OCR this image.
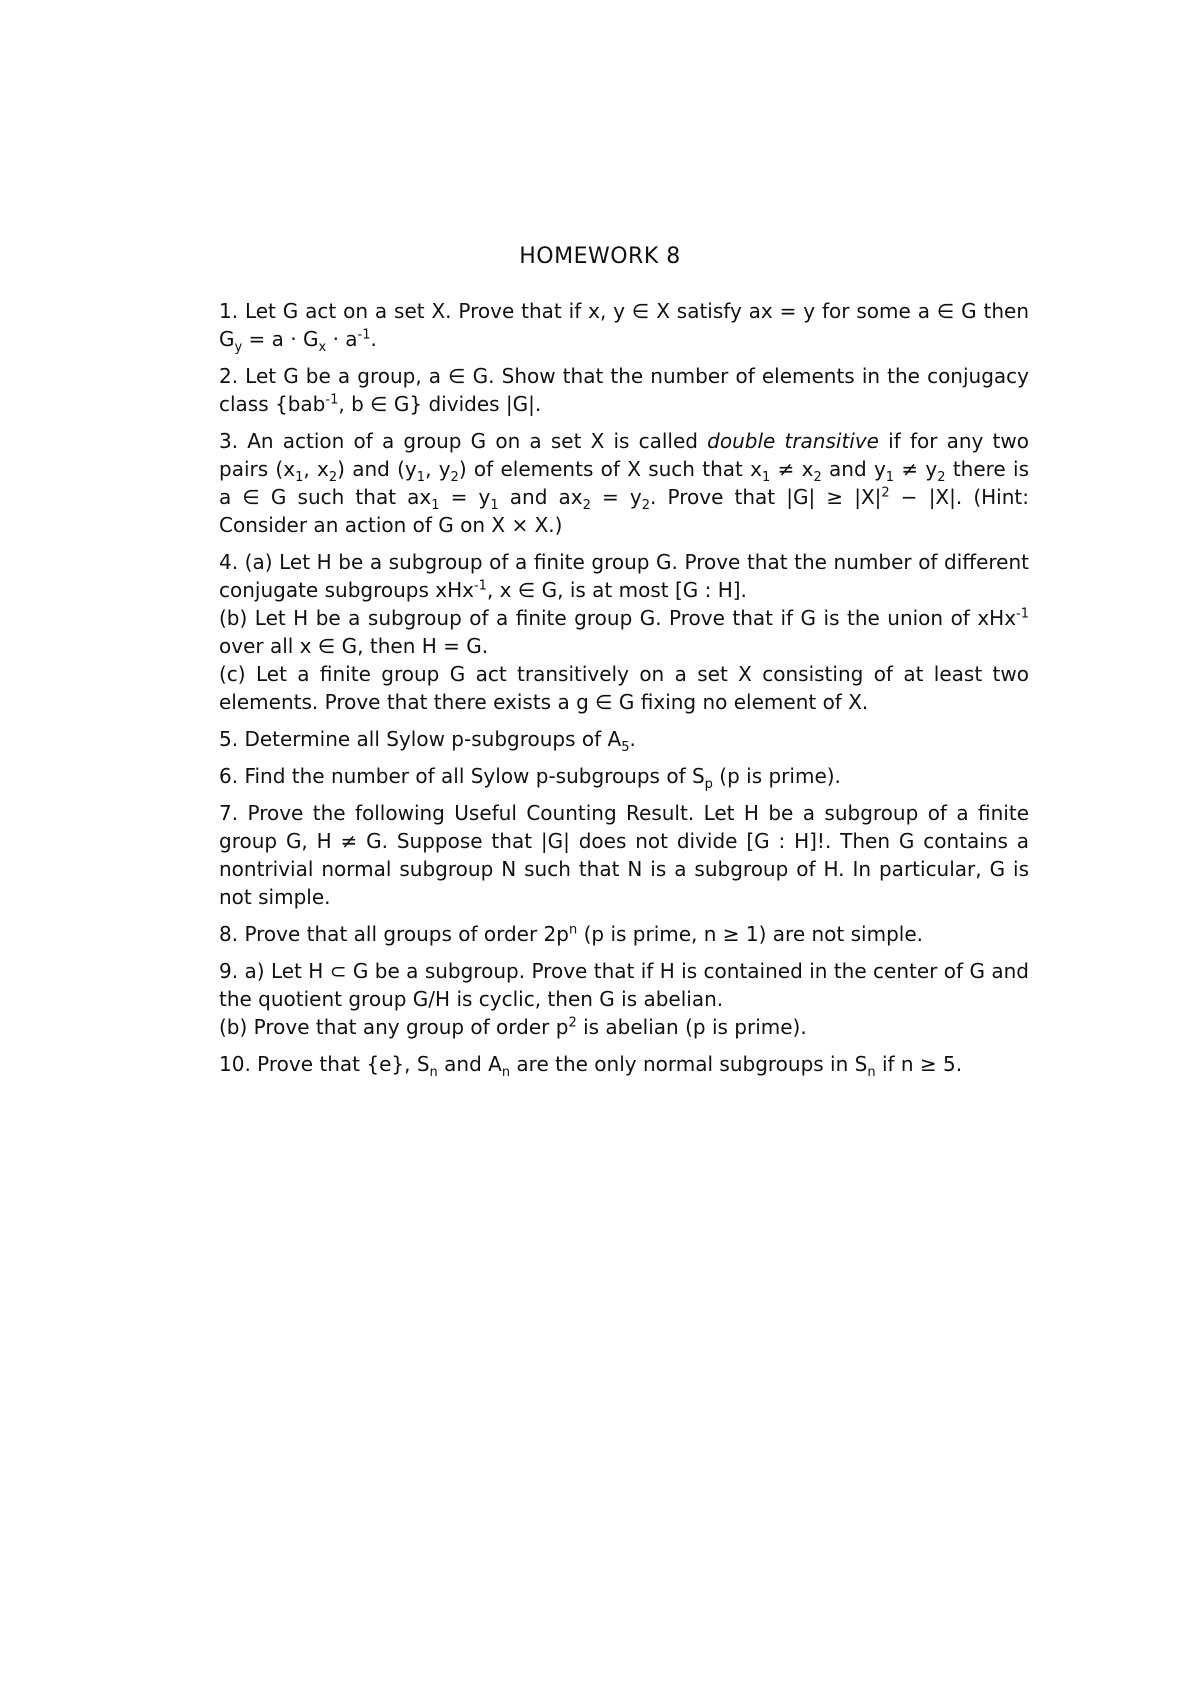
HOMEWORK 8

1. Let G act on a set X. Prove that if x, y ∈ X satisfy ax = y for some a ∈ G then $G_y = a \cdot G_x \cdot a^{-1}$.

2. Let G be a group, a ∈ G. Show that the number of elements in the conjugacy class {bab$^{-1}$, b ∈ G} divides |G|.

3. An action of a group G on a set X is called double transitive if for any two pairs ($x_1$, $x_2$) and ($y_1$, $y_2$) of elements of X such that $x_1 \ne x_2$ and $y_1 \ne y_2$ there is a ∈ G such that $ax_1 = y_1$ and $ax_2 = y_2$. Prove that $|G| \ge |X|^2 - |X|$. (Hint: Consider an action of G on X × X.)

4. (a) Let H be a subgroup of a finite group G. Prove that the number of different conjugate subgroups xHx$^{-1}$, x ∈ G, is at most [G : H].

(b) Let H be a subgroup of a finite group G. Prove that if G is the union of xHx$^{-1}$ over all x ∈ G, then H = G.

(c) Let a finite group G act transitively on a set X consisting of at least two elements. Prove that there exists a g ∈ G fixing no element of X.

5. Determine all Sylow p-subgroups of $A_5$.

6. Find the number of all Sylow p-subgroups of $S_p$ (p is prime).

7. Prove the following Useful Counting Result. Let H be a subgroup of a finite group G, H ≠ G. Suppose that |G| does not divide [G : H]!. Then G contains a nontrivial normal subgroup N such that N is a subgroup of H. In particular, G is not simple.

8. Prove that all groups of order $2p^n$ (p is prime, n ≥ 1) are not simple.

9. a) Let H ⊂ G be a subgroup. Prove that if H is contained in the center of G and the quotient group G/H is cyclic, then G is abelian.

(b) Prove that any group of order $p^2$ is abelian (p is prime).

10. Prove that {e}, $S_n$ and $A_n$ are the only normal subgroups in $S_n$ if n ≥ 5.
